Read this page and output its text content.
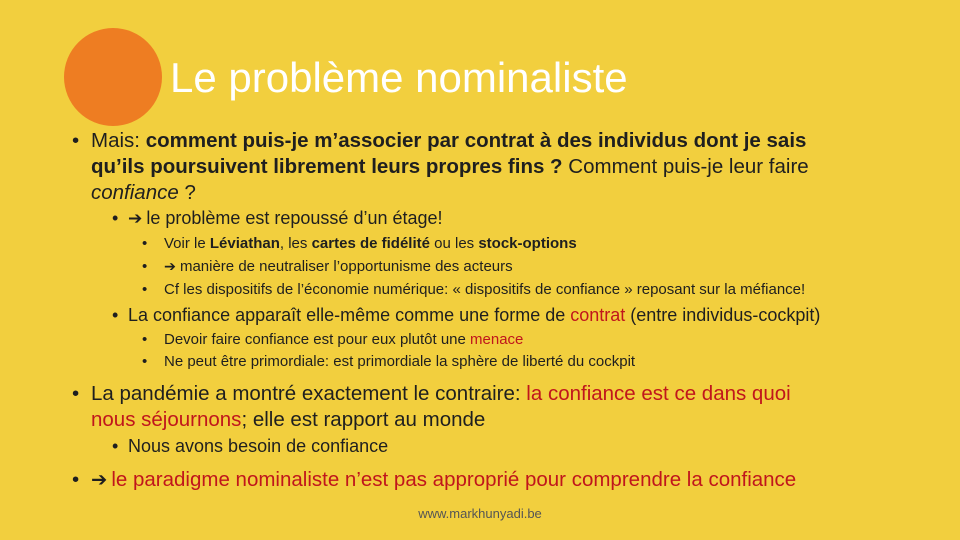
Le problème nominaliste
• Mais: comment puis-je m’associer par contrat à des individus dont je sais
qu’ils poursuivent librement leurs propres fins ? Comment puis-je leur faire
confiance ?
• ➔ le problème est repoussé d’un étage!
• Voir le Léviathan, les cartes de fidélité ou les stock-options
• ➔ manière de neutraliser l’opportunisme des acteurs
• Cf les dispositifs de l’économie numérique: « dispositifs de confiance » reposant sur la méfiance!
• La confiance apparaît elle-même comme une forme de contrat (entre individus-cockpit)
• Devoir faire confiance est pour eux plutôt une menace
• Ne peut être primordiale: est primordiale la sphère de liberté du cockpit
• La pandémie a montré exactement le contraire: la confiance est ce dans quoi
nous séjournons; elle est rapport au monde
• Nous avons besoin de confiance
• ➔ le paradigme nominaliste n’est pas approprié pour comprendre la confiance
www.markhunyadi.be
